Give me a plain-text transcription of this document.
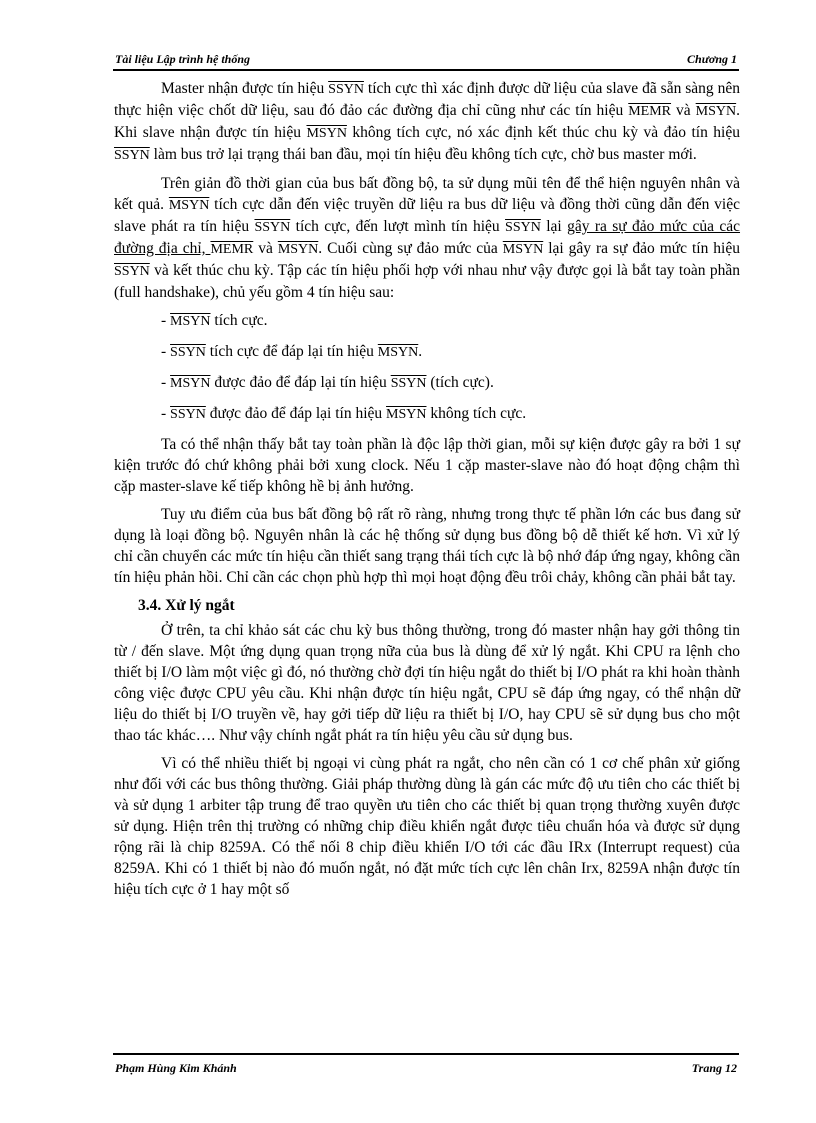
Tài liệu Lập trình hệ thống	Chương 1

Master nhận được tín hiệu SSYN tích cực thì xác định được dữ liệu của slave đã sẵn sàng nên thực hiện việc chốt dữ liệu, sau đó đảo các đường địa chỉ cũng như các tín hiệu MEMR và MSYN. Khi slave nhận được tín hiệu MSYN không tích cực, nó xác định kết thúc chu kỳ và đảo tín hiệu SSYN làm bus trở lại trạng thái ban đầu, mọi tín hiệu đều không tích cực, chờ bus master mới.

Trên giản đồ thời gian của bus bất đồng bộ, ta sử dụng mũi tên để thể hiện nguyên nhân và kết quả. MSYN tích cực dẫn đến việc truyền dữ liệu ra bus dữ liệu và đồng thời cũng dẫn đến việc slave phát ra tín hiệu SSYN tích cực, đến lượt mình tín hiệu SSYN lại gây ra sự đảo mức của các đường địa chỉ, MEMR và MSYN. Cuối cùng sự đảo mức của MSYN lại gây ra sự đảo mức tín hiệu SSYN và kết thúc chu kỳ. Tập các tín hiệu phối hợp với nhau như vậy được gọi là bắt tay toàn phần (full handshake), chủ yếu gồm 4 tín hiệu sau:

- MSYN tích cực.

- SSYN tích cực để đáp lại tín hiệu MSYN.

- MSYN được đảo để đáp lại tín hiệu SSYN (tích cực).

- SSYN được đảo để đáp lại tín hiệu MSYN không tích cực.

Ta có thể nhận thấy bắt tay toàn phần là độc lập thời gian, mỗi sự kiện được gây ra bởi 1 sự kiện trước đó chứ không phải bởi xung clock. Nếu 1 cặp master-slave nào đó hoạt động chậm thì cặp master-slave kế tiếp không hề bị ảnh hưởng.

Tuy ưu điểm của bus bất đồng bộ rất rõ ràng, nhưng trong thực tế phần lớn các bus đang sử dụng là loại đồng bộ. Nguyên nhân là các hệ thống sử dụng bus đồng bộ dễ thiết kế hơn. Vì xử lý chỉ cần chuyển các mức tín hiệu cần thiết sang trạng thái tích cực là bộ nhớ đáp ứng ngay, không cần tín hiệu phản hồi. Chỉ cần các chọn phù hợp thì mọi hoạt động đều trôi chảy, không cần phải bắt tay.

3.4. Xử lý ngắt

Ở trên, ta chỉ khảo sát các chu kỳ bus thông thường, trong đó master nhận hay gởi thông tin từ / đến slave. Một ứng dụng quan trọng nữa của bus là dùng để xử lý ngắt. Khi CPU ra lệnh cho thiết bị I/O làm một việc gì đó, nó thường chờ đợi tín hiệu ngắt do thiết bị I/O phát ra khi hoàn thành công việc được CPU yêu cầu. Khi nhận được tín hiệu ngắt, CPU sẽ đáp ứng ngay, có thể nhận dữ liệu do thiết bị I/O truyền về, hay gởi tiếp dữ liệu ra thiết bị I/O, hay CPU sẽ sử dụng bus cho một thao tác khác…. Như vậy chính ngắt phát ra tín hiệu yêu cầu sử dụng bus.

Vì có thể nhiều thiết bị ngoại vi cùng phát ra ngắt, cho nên cần có 1 cơ chế phân xử giống như đối với các bus thông thường. Giải pháp thường dùng là gán các mức độ ưu tiên cho các thiết bị và sử dụng 1 arbiter tập trung để trao quyền ưu tiên cho các thiết bị quan trọng thường xuyên được sử dụng. Hiện trên thị trường có những chip điều khiển ngắt được tiêu chuẩn hóa và được sử dụng rộng rãi là chip 8259A. Có thể nối 8 chip điều khiển I/O tới các đầu IRx (Interrupt request) của 8259A. Khi có 1 thiết bị nào đó muốn ngắt, nó đặt mức tích cực lên chân Irx, 8259A nhận được tín hiệu tích cực ở 1 hay một số

Phạm Hùng Kim Khánh	Trang 12
